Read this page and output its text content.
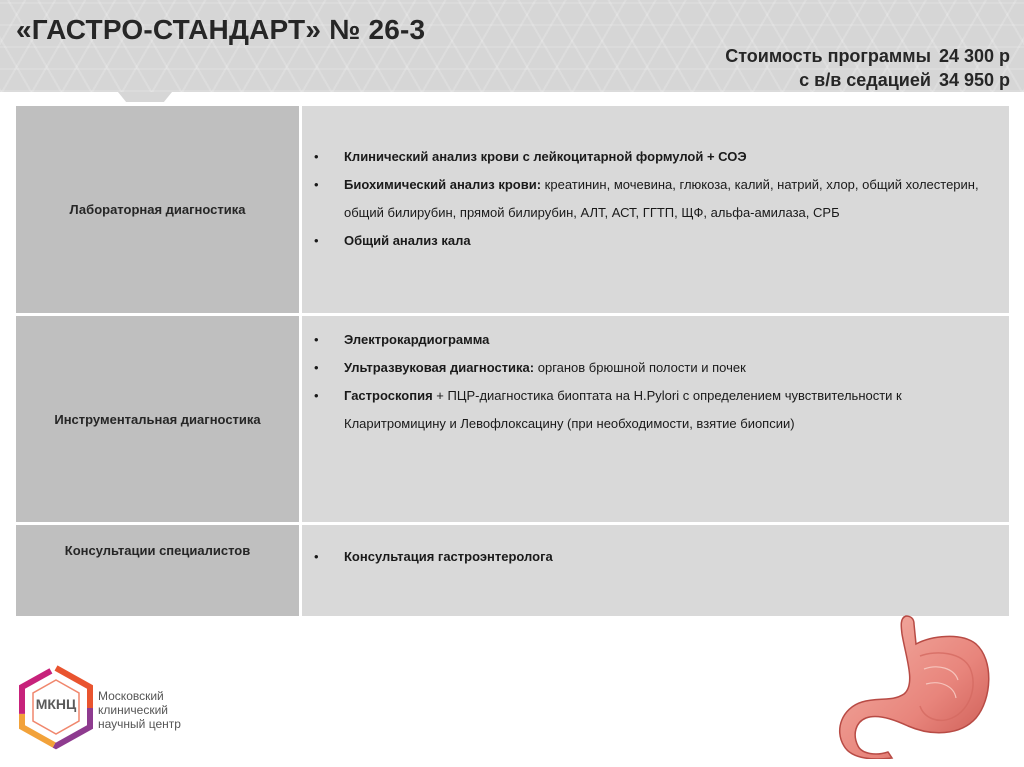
«ГАСТРО-СТАНДАРТ» № 26-3
Стоимость программы 24 300 р
с в/в седацией 34 950 р
Лабораторная диагностика
•	Клинический анализ крови с лейкоцитарной формулой + СОЭ
•	Биохимический анализ крови: креатинин, мочевина, глюкоза, калий, натрий, хлор, общий холестерин, общий билирубин, прямой билирубин, АЛТ, АСТ, ГГТП, ЩФ, альфа-амилаза, СРБ
•	Общий анализ кала
Инструментальная диагностика
•	Электрокардиограмма
•	Ультразвуковая диагностика: органов брюшной полости и почек
•	Гастроскопия + ПЦР-диагностика биоптата на H.Pylori с определением чувствительности к Кларитромицину и Левофлоксацину (при необходимости, взятие биопсии)
Консультации специалистов	•	Консультация гастроэнтеролога
МКНЦ	Московский
клинический
научный центр
